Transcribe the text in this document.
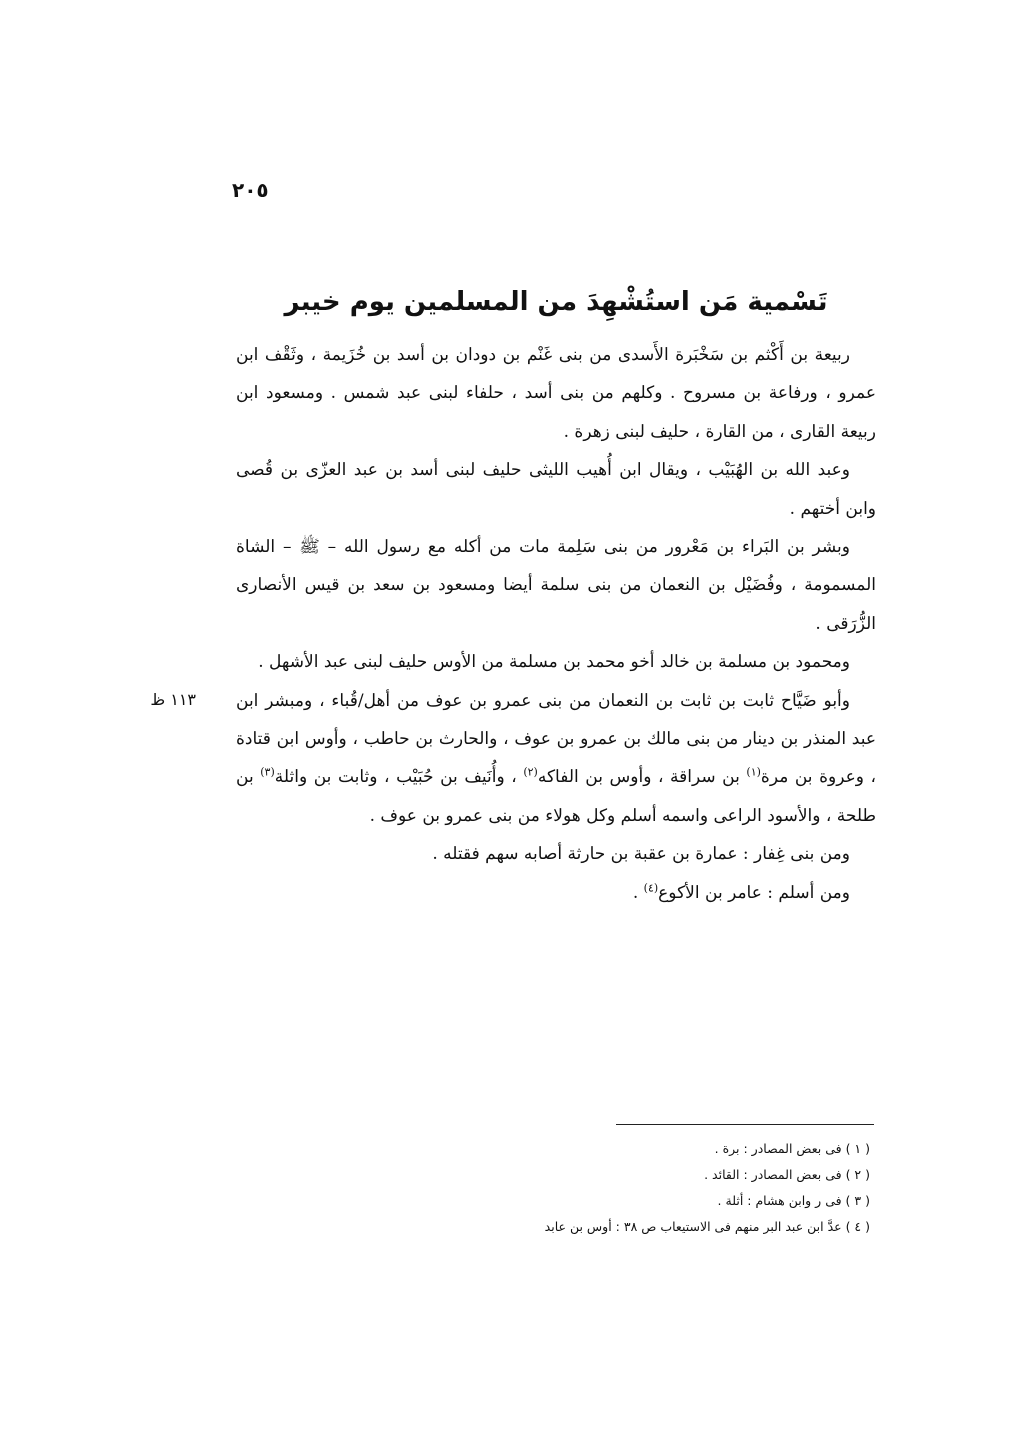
٢٠٥
تَسْمية مَن استُشْهِدَ من المسلمين يوم خيبر

ربيعة بن أَكْثم بن سَخْبَرة الأَسدى من بنى غَنْم بن دودان بن أسد بن خُزَيمة ، وثَقْف ابن عمرو ، ورفاعة بن مسروح . وكلهم من بنى أسد ، حلفاء لبنى عبد شمس . ومسعود ابن ربيعة القارى ، من القارة ، حليف لبنى زهرة .

وعبد الله بن الهُبَيْب ، ويقال ابن أُهيب الليثى حليف لبنى أسد بن عبد العزّى بن قُصى وابن أختهم .

وبشر بن البَراء بن مَعْرور من بنى سَلِمة مات من أكله مع رسول الله – ﷺ – الشاة المسمومة ، وفُضَيْل بن النعمان من بنى سلمة أيضا ومسعود بن سعد بن قيس الأنصارى الزُّرَقى .

ومحمود بن مسلمة بن خالد أخو محمد بن مسلمة من الأوس حليف لبنى عبد الأشهل .

وأبو ضَيَّاح ثابت بن ثابت بن النعمان من بنى عمرو بن عوف من أهل/قُباء ، ومبشر ابن عبد المنذر بن دينار من بنى مالك بن عمرو بن عوف ، والحارث بن حاطب ، وأوس ابن قتادة ، وعروة بن مرة$^{(١)}$ بن سراقة ، وأوس بن الفاكه$^{(٢)}$ ، وأُنَيف بن حُبَيْب ، وثابت بن واثلة$^{(٣)}$ بن طلحة ، والأسود الراعى واسمه أسلم وكل هولاء من بنى عمرو بن عوف .

ومن بنى غِفار : عمارة بن عقبة بن حارثة أصابه سهم فقتله .

ومن أسلم : عامر بن الأكوع$^{(٤)}$ .

١١٣ ظ

( ١ ) فى بعض المصادر : برة .

( ٢ ) فى بعض المصادر : القائد .

( ٣ ) فى ر وابن هشام : أثلة .

( ٤ ) عدَّ ابن عبد البر منهم فى الاستيعاب ص ٣٨ : أوس بن عابد
